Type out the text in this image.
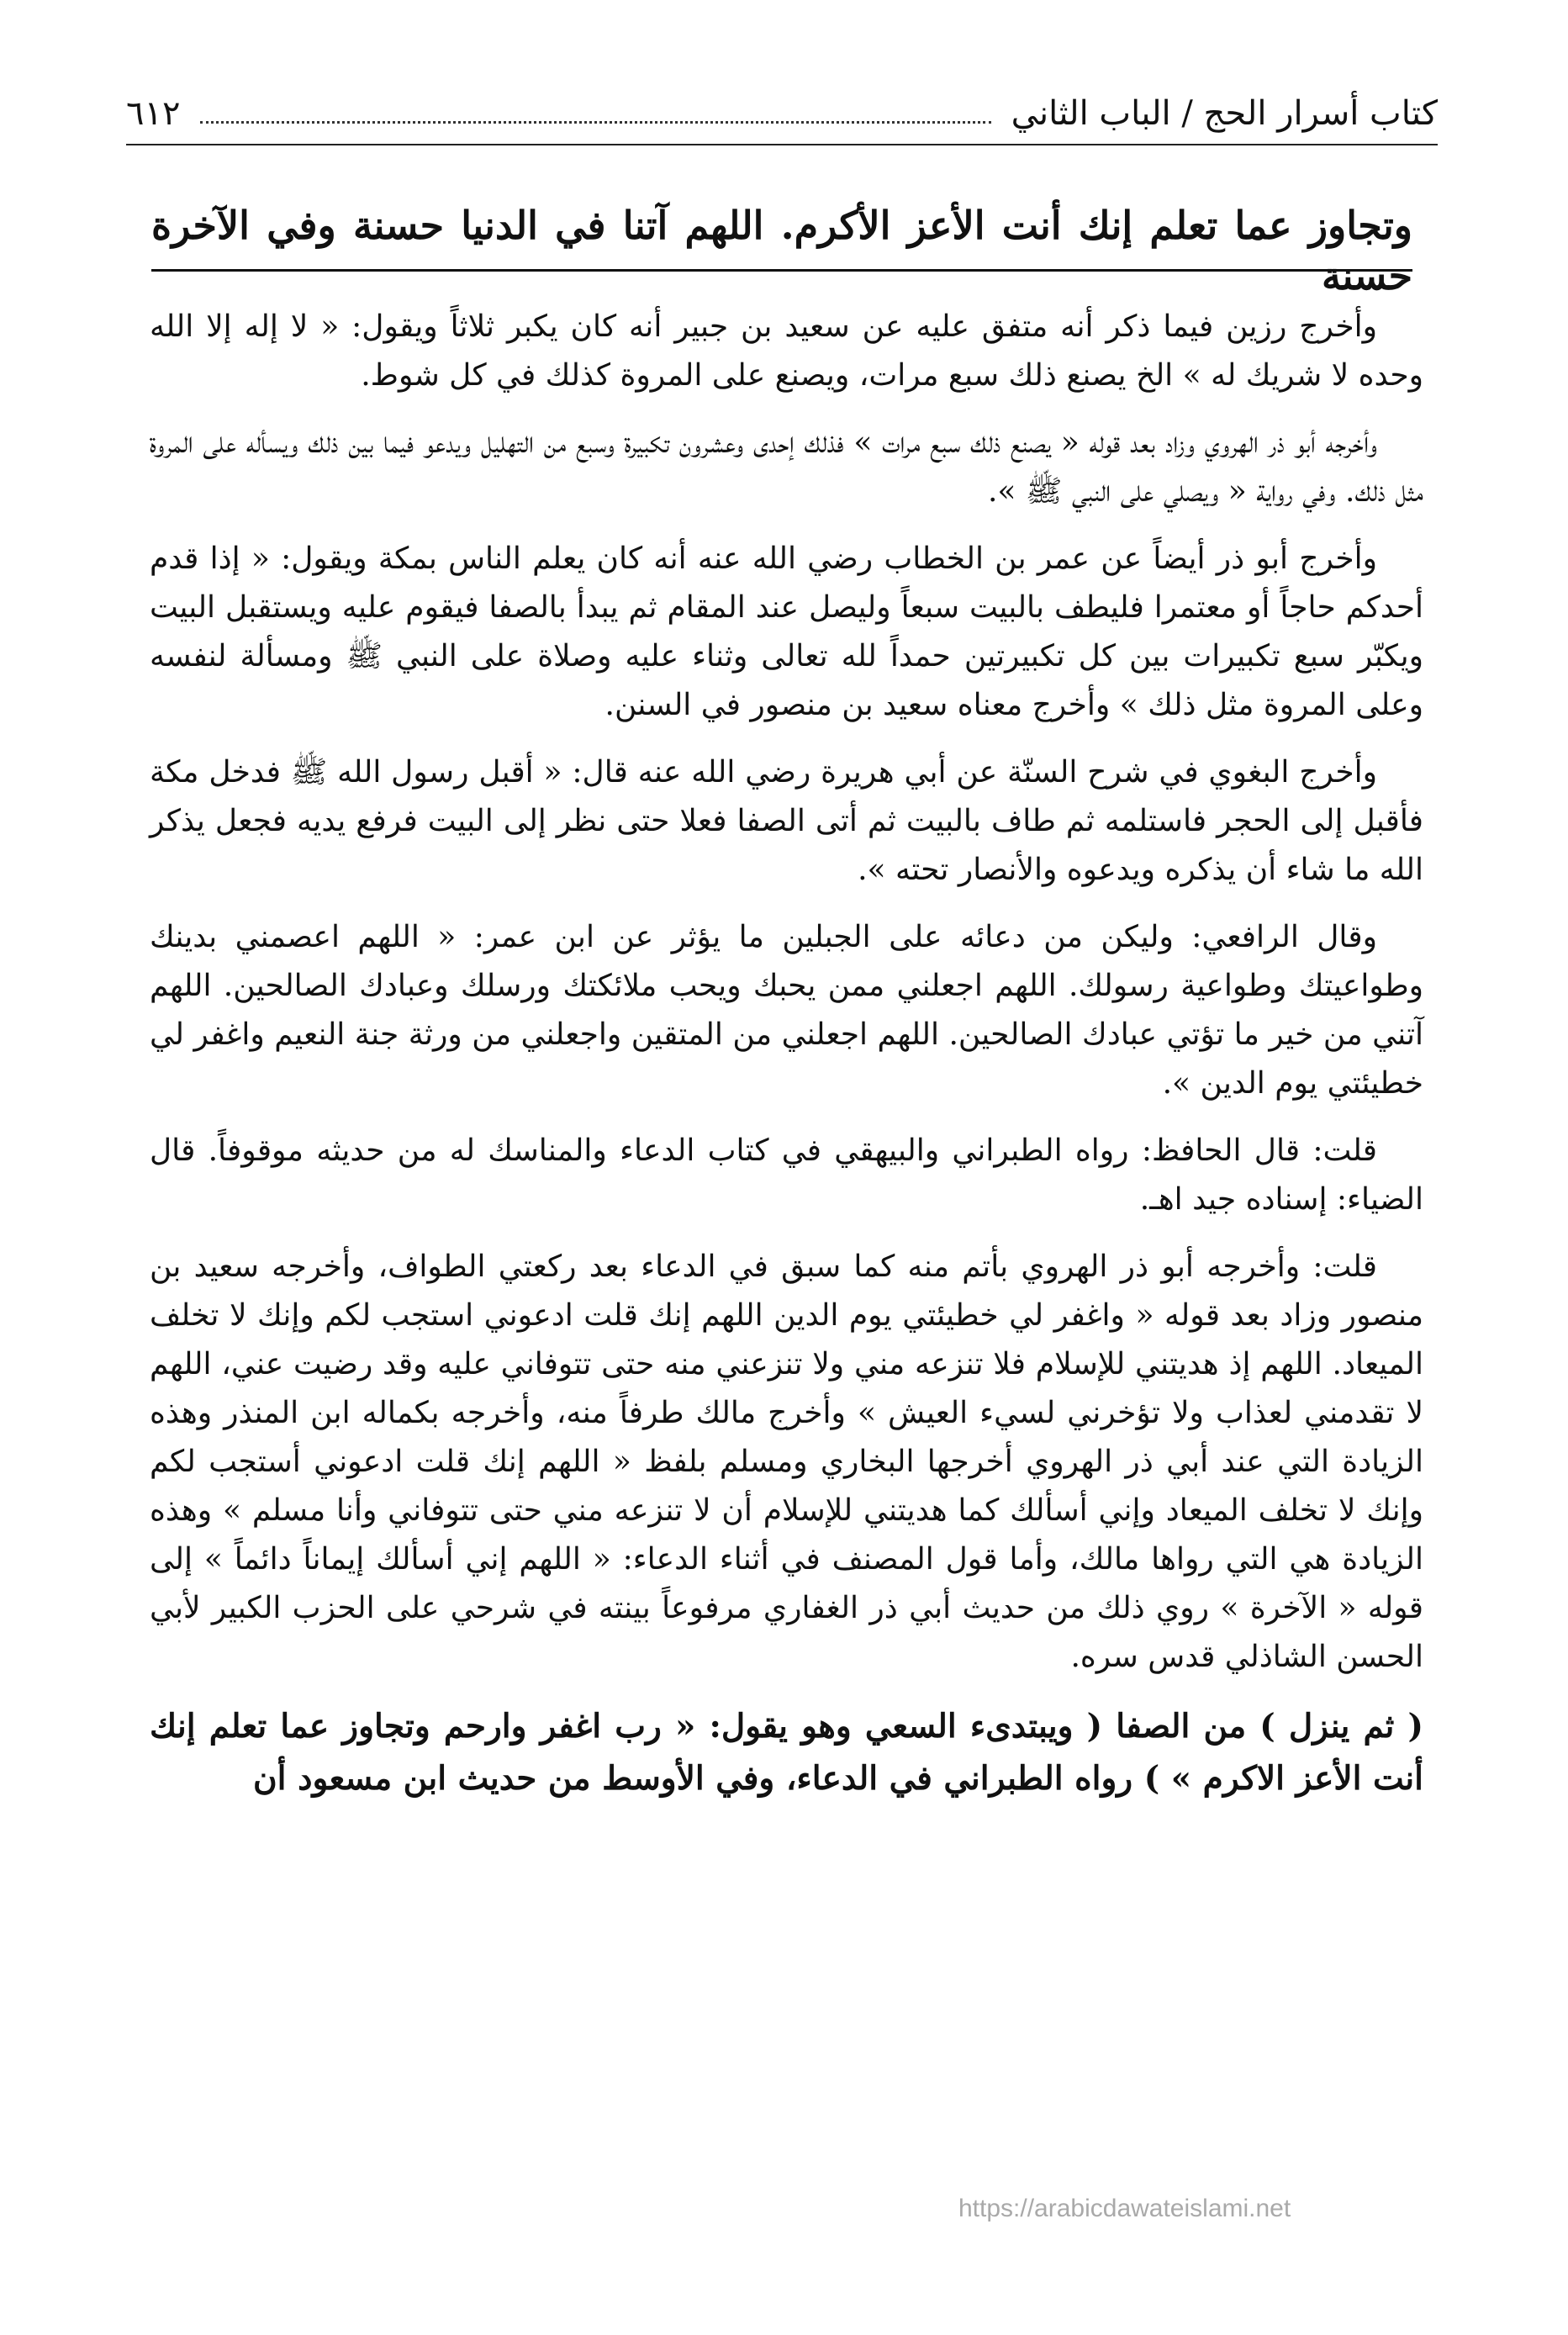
كتاب أسرار الحج / الباب الثاني
٦١٢
وتجاوز عما تعلم إنك أنت الأعز الأكرم. اللهم آتنا في الدنيا حسنة وفي الآخرة حسنة

وأخرج رزين فيما ذكر أنه متفق عليه عن سعيد بن جبير أنه كان يكبر ثلاثاً ويقول: « لا إله إلا الله وحده لا شريك له » الخ يصنع ذلك سبع مرات، ويصنع على المروة كذلك في كل شوط.

وأخرجه أبو ذر الهروي وزاد بعد قوله « يصنع ذلك سبع مرات » فذلك إحدى وعشرون تكبيرة وسبع من التهليل ويدعو فيما بين ذلك ويسأله على المروة مثل ذلك. وفي رواية « ويصلي على النبي ﷺ ».

وأخرج أبو ذر أيضاً عن عمر بن الخطاب رضي الله عنه أنه كان يعلم الناس بمكة ويقول: « إذا قدم أحدكم حاجاً أو معتمرا فليطف بالبيت سبعاً وليصل عند المقام ثم يبدأ بالصفا فيقوم عليه ويستقبل البيت ويكبّر سبع تكبيرات بين كل تكبيرتين حمداً لله تعالى وثناء عليه وصلاة على النبي ﷺ ومسألة لنفسه وعلى المروة مثل ذلك » وأخرج معناه سعيد بن منصور في السنن.

وأخرج البغوي في شرح السنّة عن أبي هريرة رضي الله عنه قال: « أقبل رسول الله ﷺ فدخل مكة فأقبل إلى الحجر فاستلمه ثم طاف بالبيت ثم أتى الصفا فعلا حتى نظر إلى البيت فرفع يديه فجعل يذكر الله ما شاء أن يذكره ويدعوه والأنصار تحته ».

وقال الرافعي: وليكن من دعائه على الجبلين ما يؤثر عن ابن عمر: « اللهم اعصمني بدينك وطواعيتك وطواعية رسولك. اللهم اجعلني ممن يحبك ويحب ملائكتك ورسلك وعبادك الصالحين. اللهم آتني من خير ما تؤتي عبادك الصالحين. اللهم اجعلني من المتقين واجعلني من ورثة جنة النعيم واغفر لي خطيئتي يوم الدين ».

قلت: قال الحافظ: رواه الطبراني والبيهقي في كتاب الدعاء والمناسك له من حديثه موقوفاً. قال الضياء: إسناده جيد اهـ.

قلت: وأخرجه أبو ذر الهروي بأتم منه كما سبق في الدعاء بعد ركعتي الطواف، وأخرجه سعيد بن منصور وزاد بعد قوله « واغفر لي خطيئتي يوم الدين اللهم إنك قلت ادعوني استجب لكم وإنك لا تخلف الميعاد. اللهم إذ هديتني للإسلام فلا تنزعه مني ولا تنزعني منه حتى تتوفاني عليه وقد رضيت عني، اللهم لا تقدمني لعذاب ولا تؤخرني لسيء العيش » وأخرج مالك طرفاً منه، وأخرجه بكماله ابن المنذر وهذه الزيادة التي عند أبي ذر الهروي أخرجها البخاري ومسلم بلفظ « اللهم إنك قلت ادعوني أستجب لكم وإنك لا تخلف الميعاد وإني أسألك كما هديتني للإسلام أن لا تنزعه مني حتى تتوفاني وأنا مسلم » وهذه الزيادة هي التي رواها مالك، وأما قول المصنف في أثناء الدعاء: « اللهم إني أسألك إيماناً دائماً » إلى قوله « الآخرة » روي ذلك من حديث أبي ذر الغفاري مرفوعاً بينته في شرحي على الحزب الكبير لأبي الحسن الشاذلي قدس سره.

( ثم ينزل ) من الصفا ( ويبتدىء السعي وهو يقول: « رب اغفر وارحم وتجاوز عما تعلم إنك أنت الأعز الاكرم » ) رواه الطبراني في الدعاء، وفي الأوسط من حديث ابن مسعود أن

https://arabicdawateislami.net
